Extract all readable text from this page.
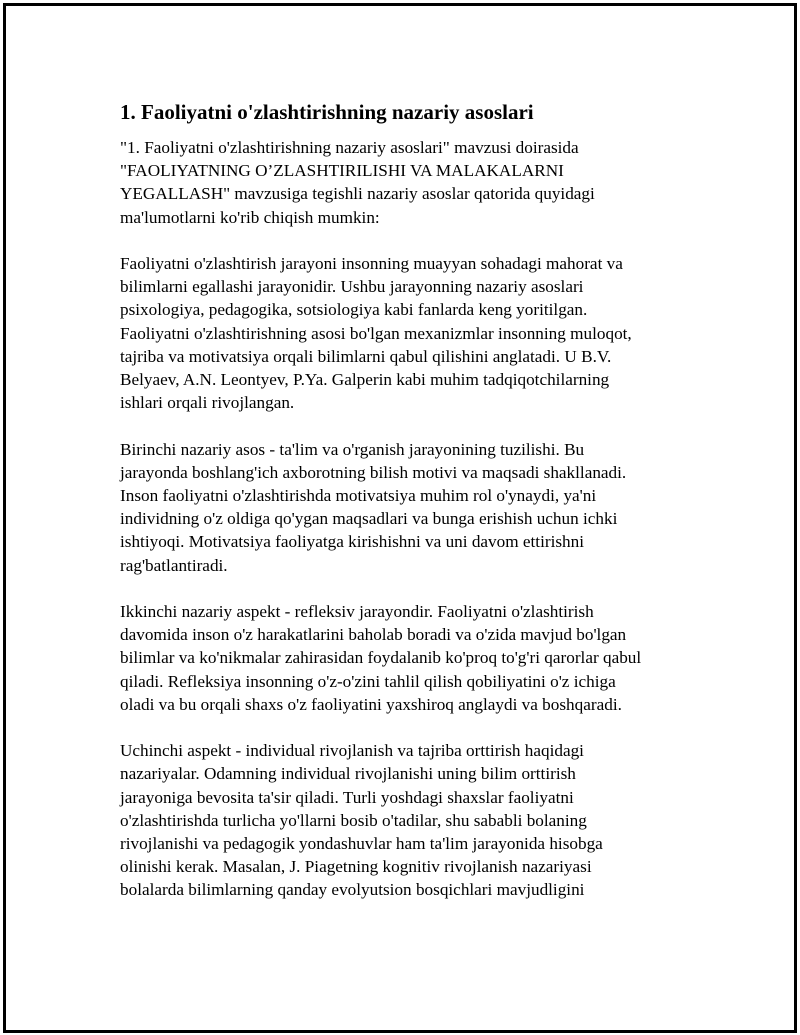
1. Faoliyatni o'zlashtirishning nazariy asoslari

"1. Faoliyatni o'zlashtirishning nazariy asoslari" mavzusi doirasida
"FAOLIYATNING O’ZLASHTIRILISHI VA MALAKALARNI
YEGALLASH" mavzusiga tegishli nazariy asoslar qatorida quyidagi
ma'lumotlarni ko'rib chiqish mumkin:

Faoliyatni o'zlashtirish jarayoni insonning muayyan sohadagi mahorat va
bilimlarni egallashi jarayonidir. Ushbu jarayonning nazariy asoslari
psixologiya, pedagogika, sotsiologiya kabi fanlarda keng yoritilgan.
Faoliyatni o'zlashtirishning asosi bo'lgan mexanizmlar insonning muloqot,
tajriba va motivatsiya orqali bilimlarni qabul qilishini anglatadi. U B.V.
Belyaev, A.N. Leontyev, P.Ya. Galperin kabi muhim tadqiqotchilarning
ishlari orqali rivojlangan.

Birinchi nazariy asos - ta'lim va o'rganish jarayonining tuzilishi. Bu
jarayonda boshlang'ich axborotning bilish motivi va maqsadi shakllanadi.
Inson faoliyatni o'zlashtirishda motivatsiya muhim rol o'ynaydi, ya'ni
individning o'z oldiga qo'ygan maqsadlari va bunga erishish uchun ichki
ishtiyoqi. Motivatsiya faoliyatga kirishishni va uni davom ettirishni
rag'batlantiradi.

Ikkinchi nazariy aspekt - refleksiv jarayondir. Faoliyatni o'zlashtirish
davomida inson o'z harakatlarini baholab boradi va o'zida mavjud bo'lgan
bilimlar va ko'nikmalar zahirasidan foydalanib ko'proq to'g'ri qarorlar qabul
qiladi. Refleksiya insonning o'z-o'zini tahlil qilish qobiliyatini o'z ichiga
oladi va bu orqali shaxs o'z faoliyatini yaxshiroq anglaydi va boshqaradi.

Uchinchi aspekt - individual rivojlanish va tajriba orttirish haqidagi
nazariyalar. Odamning individual rivojlanishi uning bilim orttirish
jarayoniga bevosita ta'sir qiladi. Turli yoshdagi shaxslar faoliyatni
o'zlashtirishda turlicha yo'llarni bosib o'tadilar, shu sababli bolaning
rivojlanishi va pedagogik yondashuvlar ham ta'lim jarayonida hisobga
olinishi kerak. Masalan, J. Piagetning kognitiv rivojlanish nazariyasi
bolalarda bilimlarning qanday evolyutsion bosqichlari mavjudligini
